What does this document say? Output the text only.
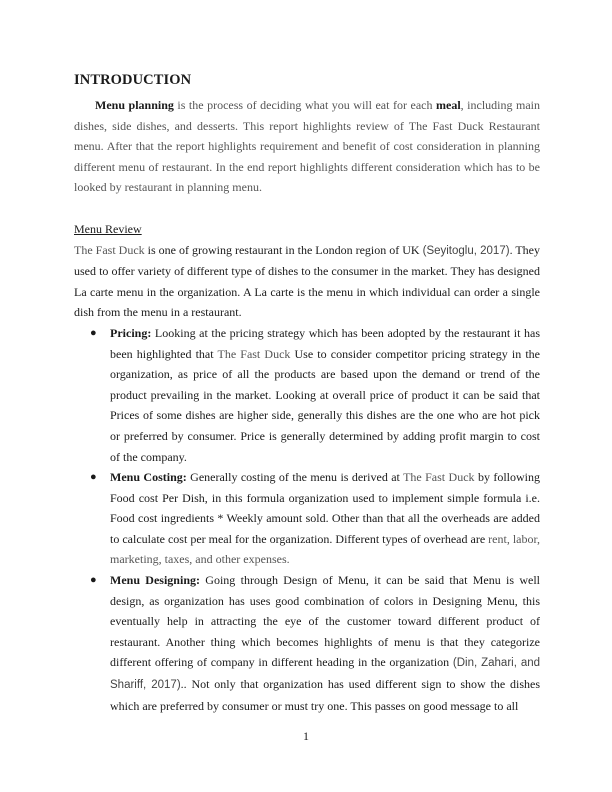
INTRODUCTION

Menu planning is the process of deciding what you will eat for each meal, including main dishes, side dishes, and desserts. This report highlights review of The Fast Duck Restaurant menu. After that the report highlights requirement and benefit of cost consideration in planning different menu of restaurant. In the end report highlights different consideration which has to be looked by restaurant in planning menu.

Menu Review

The Fast Duck is one of growing restaurant in the London region of UK (Seyitoglu, 2017). They used to offer variety of different type of dishes to the consumer in the market. They has designed La carte menu in the organization. A La carte is the menu in which individual can order a single dish from the menu in a restaurant.

● Pricing: Looking at the pricing strategy which has been adopted by the restaurant it has been highlighted that The Fast Duck Use to consider competitor pricing strategy in the organization, as price of all the products are based upon the demand or trend of the product prevailing in the market. Looking at overall price of product it can be said that Prices of some dishes are higher side, generally this dishes are the one who are hot pick or preferred by consumer. Price is generally determined by adding profit margin to cost of the company.
● Menu Costing: Generally costing of the menu is derived at The Fast Duck by following Food cost Per Dish, in this formula organization used to implement simple formula i.e. Food cost ingredients * Weekly amount sold. Other than that all the overheads are added to calculate cost per meal for the organization. Different types of overhead are rent, labor, marketing, taxes, and other expenses.
● Menu Designing: Going through Design of Menu, it can be said that Menu is well design, as organization has uses good combination of colors in Designing Menu, this eventually help in attracting the eye of the customer toward different product of restaurant. Another thing which becomes highlights of menu is that they categorize different offering of company in different heading in the organization (Din, Zahari, and Shariff, 2017).. Not only that organization has used different sign to show the dishes which are preferred by consumer or must try one. This passes on good message to all
1
